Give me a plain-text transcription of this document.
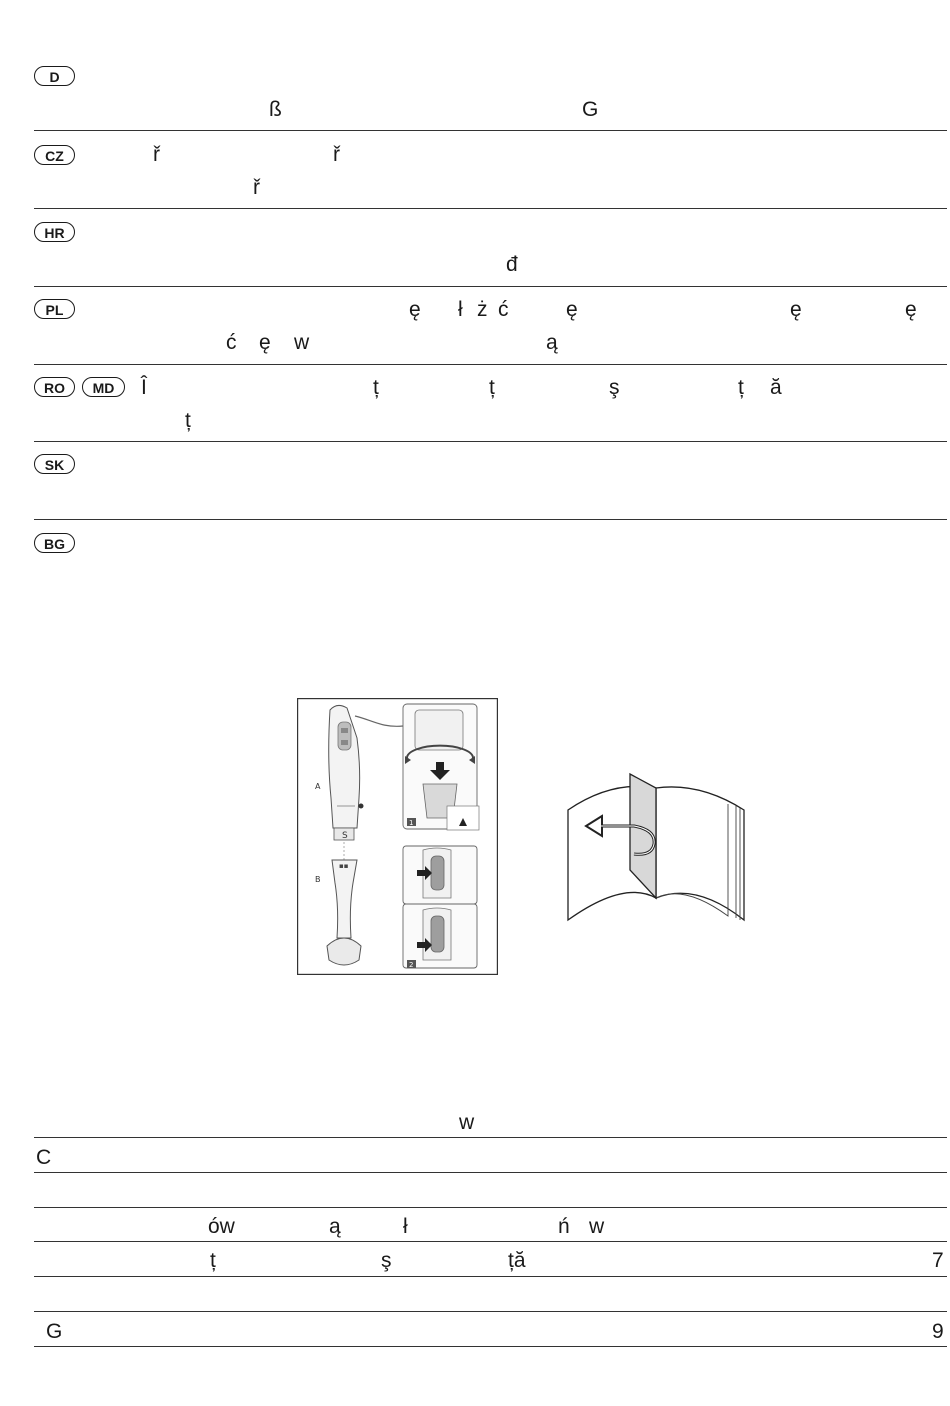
D
ß	G
CZ	ř	ř
ř
HR
đ
PL	ę ł ż ć	ę	ę	ę
ć ę w	ą
RO	MD	Î	ț	ț	ş	ț ă
ț
SK
BG
S
A
▪▪
B
1
2
w
C
ów	ą	ł	ń w
ț	ş	ță	7
G	9
